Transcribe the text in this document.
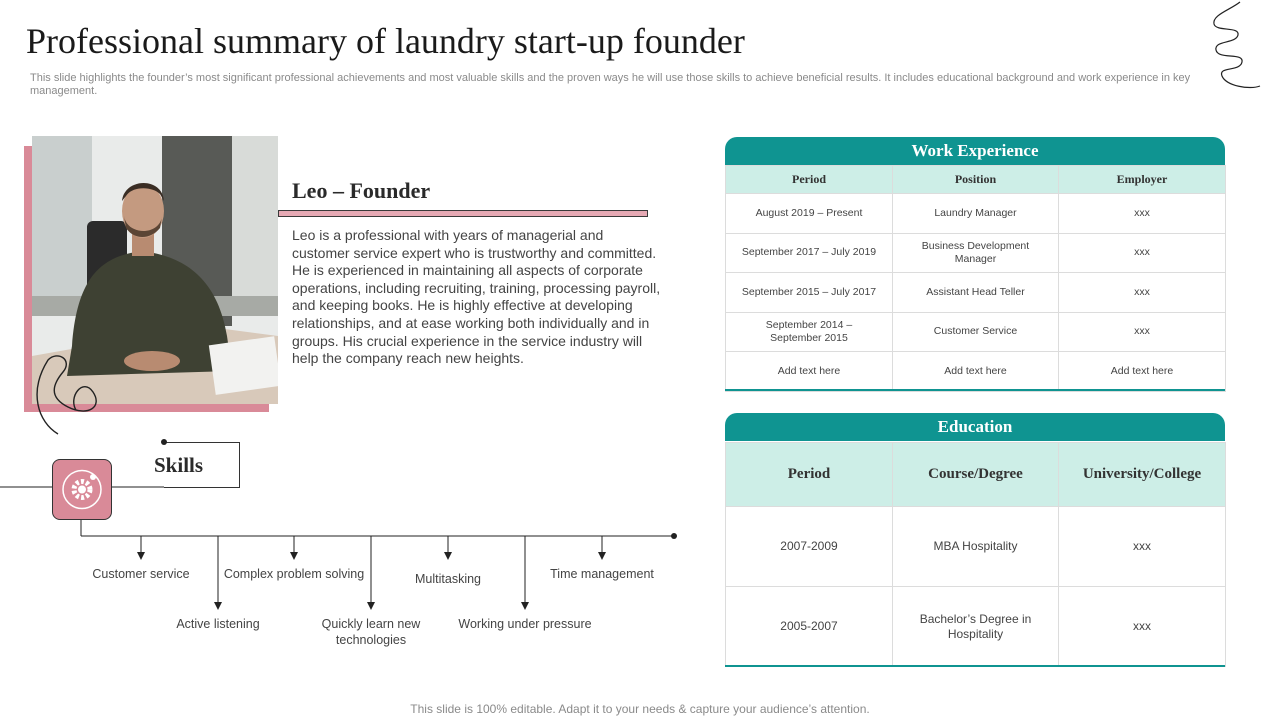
Professional summary of laundry start-up founder
This slide highlights the founder’s most significant professional achievements and most valuable skills and the proven ways he will use those skills to achieve beneficial results. It includes educational background and work experience in key management.
Leo – Founder
Leo is a professional with years of managerial and customer service expert who is trustworthy and committed. He is experienced in maintaining all aspects of corporate operations, including recruiting, training, processing payroll, and keeping books. He is highly effective at developing relationships, and at ease working both individually and in groups. His crucial experience in the service industry will help the company reach new heights.
Skills
Customer service
Active listening
Complex problem solving
Quickly learn new technologies
Multitasking
Working under pressure
Time management
Work Experience
Period	Position	Employer
August 2019 – Present	Laundry Manager	xxx
September 2017 – July 2019	Business Development Manager	xxx
September 2015 – July 2017	Assistant Head Teller	xxx
September 2014 – September 2015	Customer Service	xxx
Add text here	Add text here	Add text here
Education
Period	Course/Degree	University/College
2007-2009	MBA Hospitality	xxx
2005-2007	Bachelor’s Degree in Hospitality	xxx
This slide is 100% editable. Adapt it to your needs & capture your audience’s attention.
